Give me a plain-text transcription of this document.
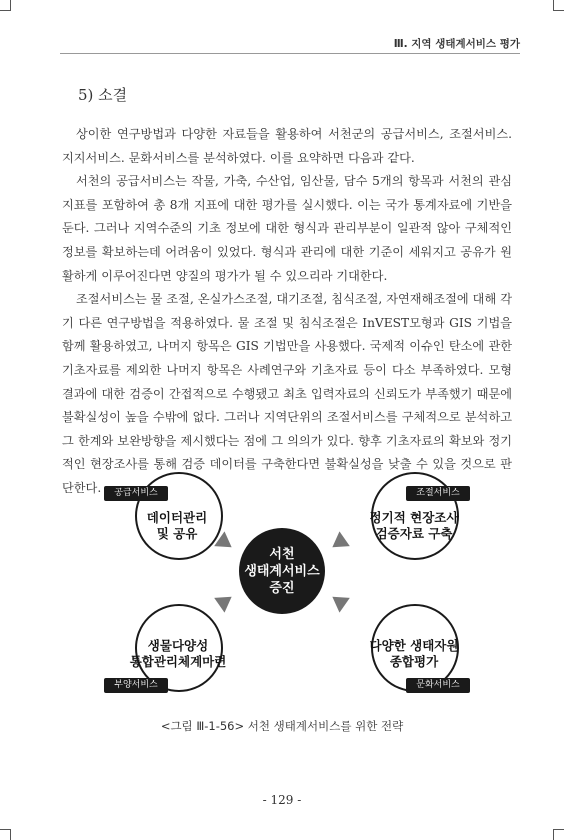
Ⅲ. 지역 생태계서비스 평가
5) 소결

상이한 연구방법과 다양한 자료들을 활용하여 서천군의 공급서비스, 조절서비스. 지지서비스. 문화서비스를 분석하였다. 이를 요약하면 다음과 같다.

서천의 공급서비스는 작물, 가축, 수산업, 임산물, 담수 5개의 항목과 서천의 관심지표를 포함하여 총 8개 지표에 대한 평가를 실시했다. 이는 국가 통계자료에 기반을 둔다. 그러나 지역수준의 기초 정보에 대한 형식과 관리부분이 일관적 않아 구체적인 정보를 확보하는데 어려움이 있었다. 형식과 관리에 대한 기준이 세워지고 공유가 원활하게 이루어진다면 양질의 평가가 될 수 있으리라 기대한다.

조절서비스는 물 조절, 온실가스조절, 대기조절, 침식조절, 자연재해조절에 대해 각기 다른 연구방법을 적용하였다. 물 조절 및 침식조절은 InVEST모형과 GIS 기법을 함께 활용하였고, 나머지 항목은 GIS 기법만을 사용했다. 국제적 이슈인 탄소에 관한 기초자료를 제외한 나머지 항목은 사례연구와 기초자료 등이 다소 부족하였다. 모형 결과에 대한 검증이 간접적으로 수행됐고 최초 입력자료의 신뢰도가 부족했기 때문에 불확실성이 높을 수밖에 없다. 그러나 지역단위의 조절서비스를 구체적으로 분석하고 그 한계와 보완방향을 제시했다는 점에 그 의의가 있다. 향후 기초자료의 확보와 정기적인 현장조사를 통해 검증 데이터를 구축한다면 불확실성을 낮출 수 있을 것으로 판단한다.	공급서비스
데이터관리
및 공유
조절서비스
정기적 현장조사
검증자료 구축
서천
생태계서비스
증진
부양서비스
생물다양성
통합관리체계마련
문화서비스
다양한 생태자원
종합평가
<그림 Ⅲ-1-56> 서천 생태계서비스를 위한 전략
- 129 -
